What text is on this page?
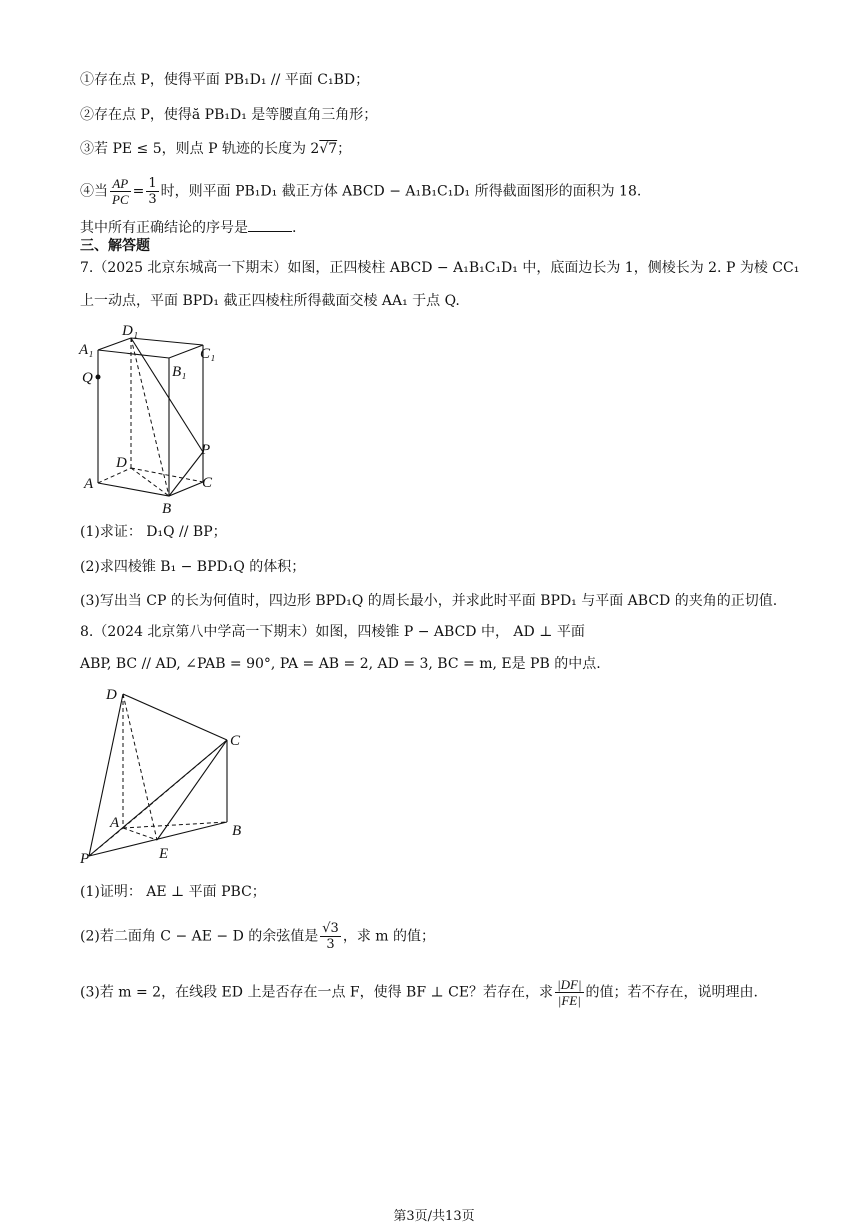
①存在点 P，使得平面 PB₁D₁ // 平面 C₁BD；
②存在点 P，使得ă PB₁D₁ 是等腰直角三角形；
③若 PE ≤ 5，则点 P 轨迹的长度为 2√7；
④当 $\frac{AP}{PC} = \frac{1}{3}$ 时，则平面 PB₁D₁ 截正方体 ABCD − A₁B₁C₁D₁ 所得截面图形的面积为 18.
其中所有正确结论的序号是	.
三、解答题
7.（2025 北京东城高一下期末）如图，正四棱柱 ABCD − A₁B₁C₁D₁ 中，底面边长为 1，侧棱长为 2. P 为棱 CC₁
上一动点，平面 BPD₁ 截正四棱柱所得截面交棱 AA₁ 于点 Q.
D₁
A₁	C₁
B₁
Q
P
D
A	C
B
(1)求证： D₁Q // BP；
(2)求四棱锥 B₁ − BPD₁Q 的体积；
(3)写出当 CP 的长为何值时，四边形 BPD₁Q 的周长最小，并求此时平面 BPD₁ 与平面 ABCD 的夹角的正切值.
8.（2024 北京第八中学高一下期末）如图，四棱锥 P − ABCD 中， AD ⊥ 平面
ABP, BC // AD, ∠PAB = 90°, PA = AB = 2, AD = 3, BC = m, E是 PB 的中点.
D
C
A	B
P	E
(1)证明： AE ⊥ 平面 PBC；
(2)若二面角 C − AE − D 的余弦值是 $\frac{√3}{3}$ ，求 m 的值；
(3)若 m = 2，在线段 ED 上是否存在一点 F，使得 BF ⊥ CE？若存在，求 $\frac{|DF|}{|FE|}$ 的值；若不存在，说明理由.
第3页/共13页
